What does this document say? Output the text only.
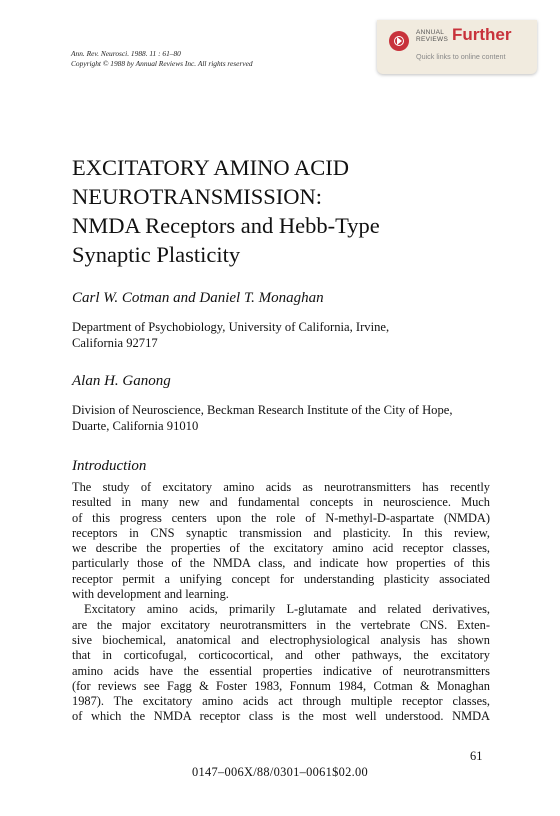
Ann. Rev. Neurosci. 1988. 11 : 61–80
Copyright © 1988 by Annual Reviews Inc. All rights reserved
ANNUAL
REVIEWS Further
Quick links to online content
EXCITATORY AMINO ACID
NEUROTRANSMISSION:
NMDA Receptors and Hebb-Type
Synaptic Plasticity
Carl W. Cotman and Daniel T. Monaghan
Department of Psychobiology, University of California, Irvine,
California 92717
Alan H. Ganong
Division of Neuroscience, Beckman Research Institute of the City of Hope,
Duarte, California 91010
Introduction
The study of excitatory amino acids as neurotransmitters has recently
resulted in many new and fundamental concepts in neuroscience. Much
of this progress centers upon the role of N-methyl-D-aspartate (NMDA)
receptors in CNS synaptic transmission and plasticity. In this review,
we describe the properties of the excitatory amino acid receptor classes,
particularly those of the NMDA class, and indicate how properties of this
receptor permit a unifying concept for understanding plasticity associated
with development and learning.
Excitatory amino acids, primarily L-glutamate and related derivatives,
are the major excitatory neurotransmitters in the vertebrate CNS. Exten-
sive biochemical, anatomical and electrophysiological analysis has shown
that in corticofugal, corticocortical, and other pathways, the excitatory
amino acids have the essential properties indicative of neurotransmitters
(for reviews see Fagg & Foster 1983, Fonnum 1984, Cotman & Monaghan
1987). The excitatory amino acids act through multiple receptor classes,
of which the NMDA receptor class is the most well understood. NMDA
61
0147–006X/88/0301–0061$02.00
